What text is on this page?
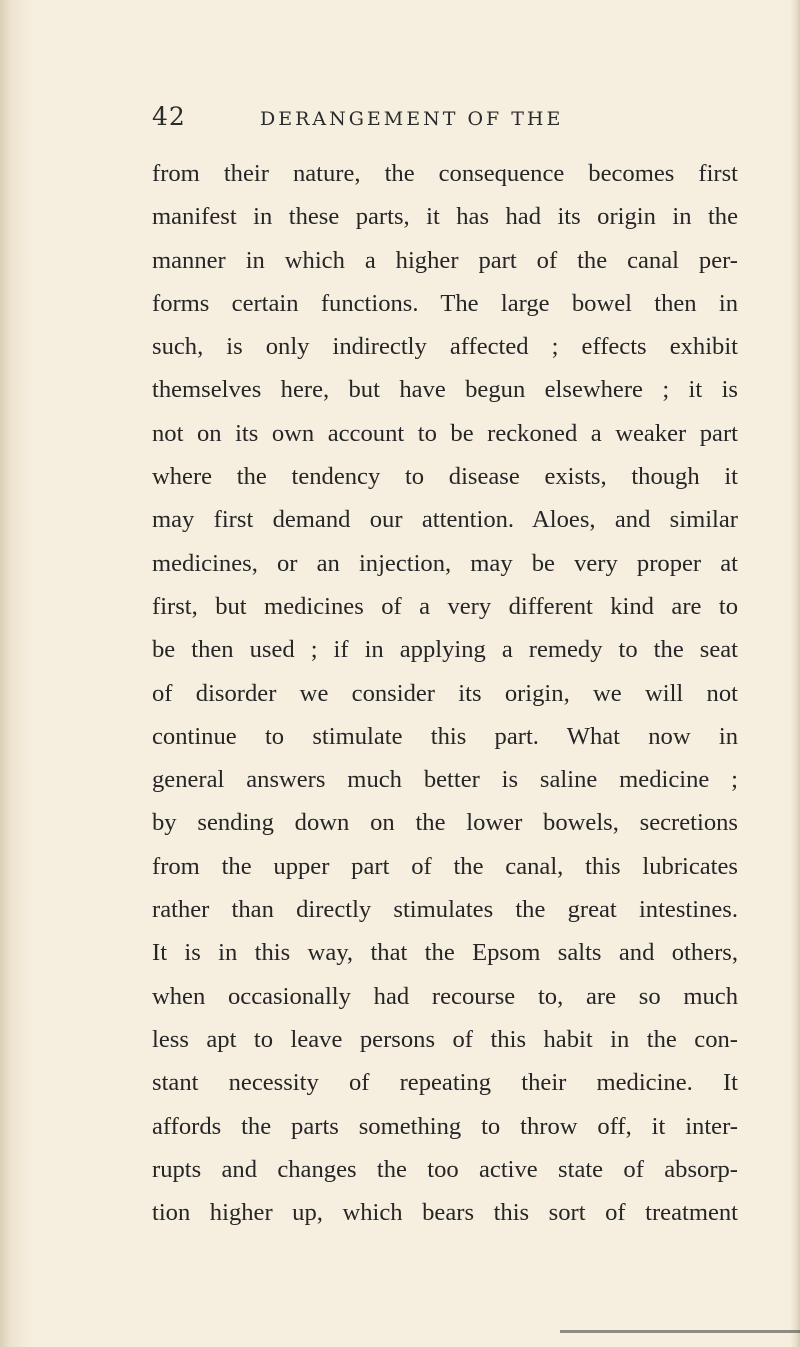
42	DERANGEMENT OF THE
from their nature, the consequence becomes first
manifest in these parts, it has had its origin in the
manner in which a higher part of the canal per-
forms certain functions. The large bowel then in
such, is only indirectly affected ; effects exhibit
themselves here, but have begun elsewhere ; it is
not on its own account to be reckoned a weaker part
where the tendency to disease exists, though it
may first demand our attention. Aloes, and similar
medicines, or an injection, may be very proper at
first, but medicines of a very different kind are to
be then used ; if in applying a remedy to the seat
of disorder we consider its origin, we will not
continue to stimulate this part. What now in
general answers much better is saline medicine ;
by sending down on the lower bowels, secretions
from the upper part of the canal, this lubricates
rather than directly stimulates the great intestines.
It is in this way, that the Epsom salts and others,
when occasionally had recourse to, are so much
less apt to leave persons of this habit in the con-
stant necessity of repeating their medicine. It
affords the parts something to throw off, it inter-
rupts and changes the too active state of absorp-
tion higher up, which bears this sort of treatment
